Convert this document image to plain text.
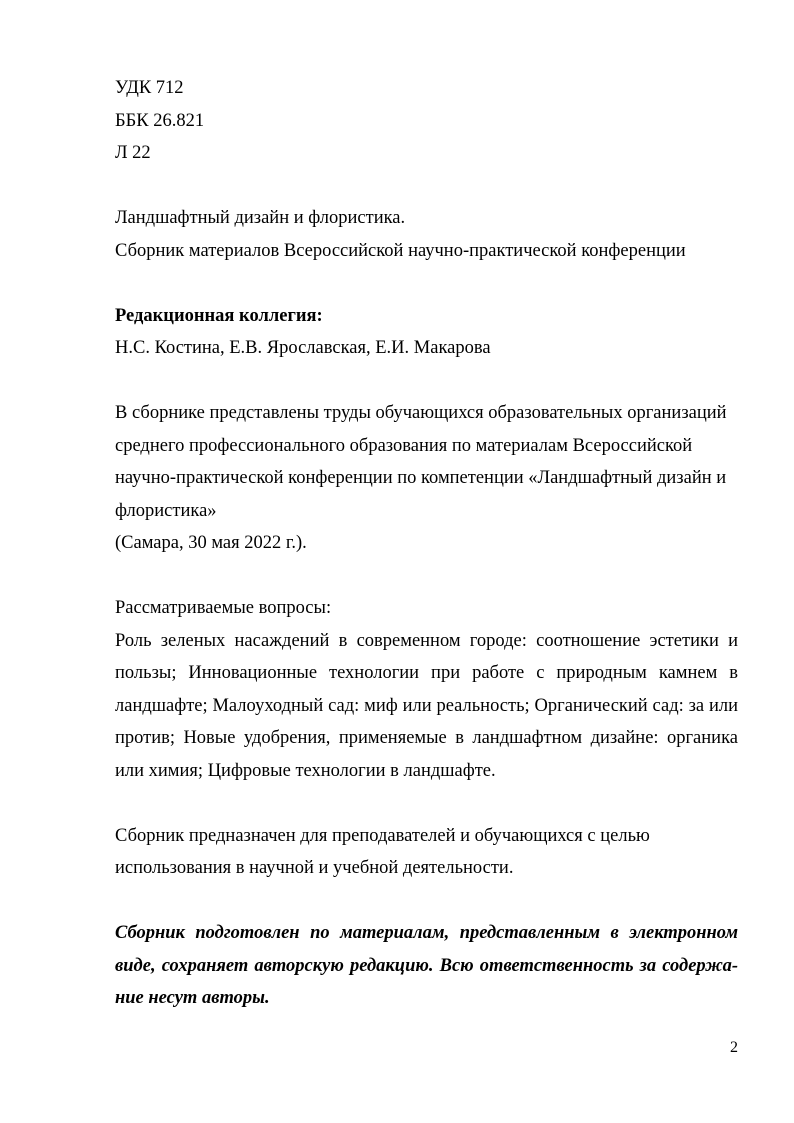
УДК 712
ББК 26.821
Л 22
Ландшафтный дизайн и флористика.
Сборник материалов Всероссийской научно-практической конференции
Редакционная коллегия:
Н.С. Костина, Е.В. Ярославская, Е.И. Макарова
В сборнике представлены труды обучающихся образовательных организаций
среднего профессионального образования по материалам Всероссийской
научно-практической конференции по компетенции «Ландшафтный дизайн и
флористика»
(Самара, 30 мая 2022 г.).
Рассматриваемые вопросы:
Роль зеленых насаждений в современном городе: соотношение эстетики и
пользы; Инновационные технологии при работе с природным камнем в
ландшафте; Малоуходный сад: миф или реальность; Органический сад: за или
против; Новые удобрения, применяемые в ландшафтном дизайне: органика
или химия; Цифровые технологии в ландшафте.
Сборник предназначен для преподавателей и обучающихся с целью
использования в научной и учебной деятельности.
Сборник подготовлен по материалам, представленным в электронном
виде, сохраняет авторскую редакцию. Всю ответственность за содержа-
ние несут авторы.
2
